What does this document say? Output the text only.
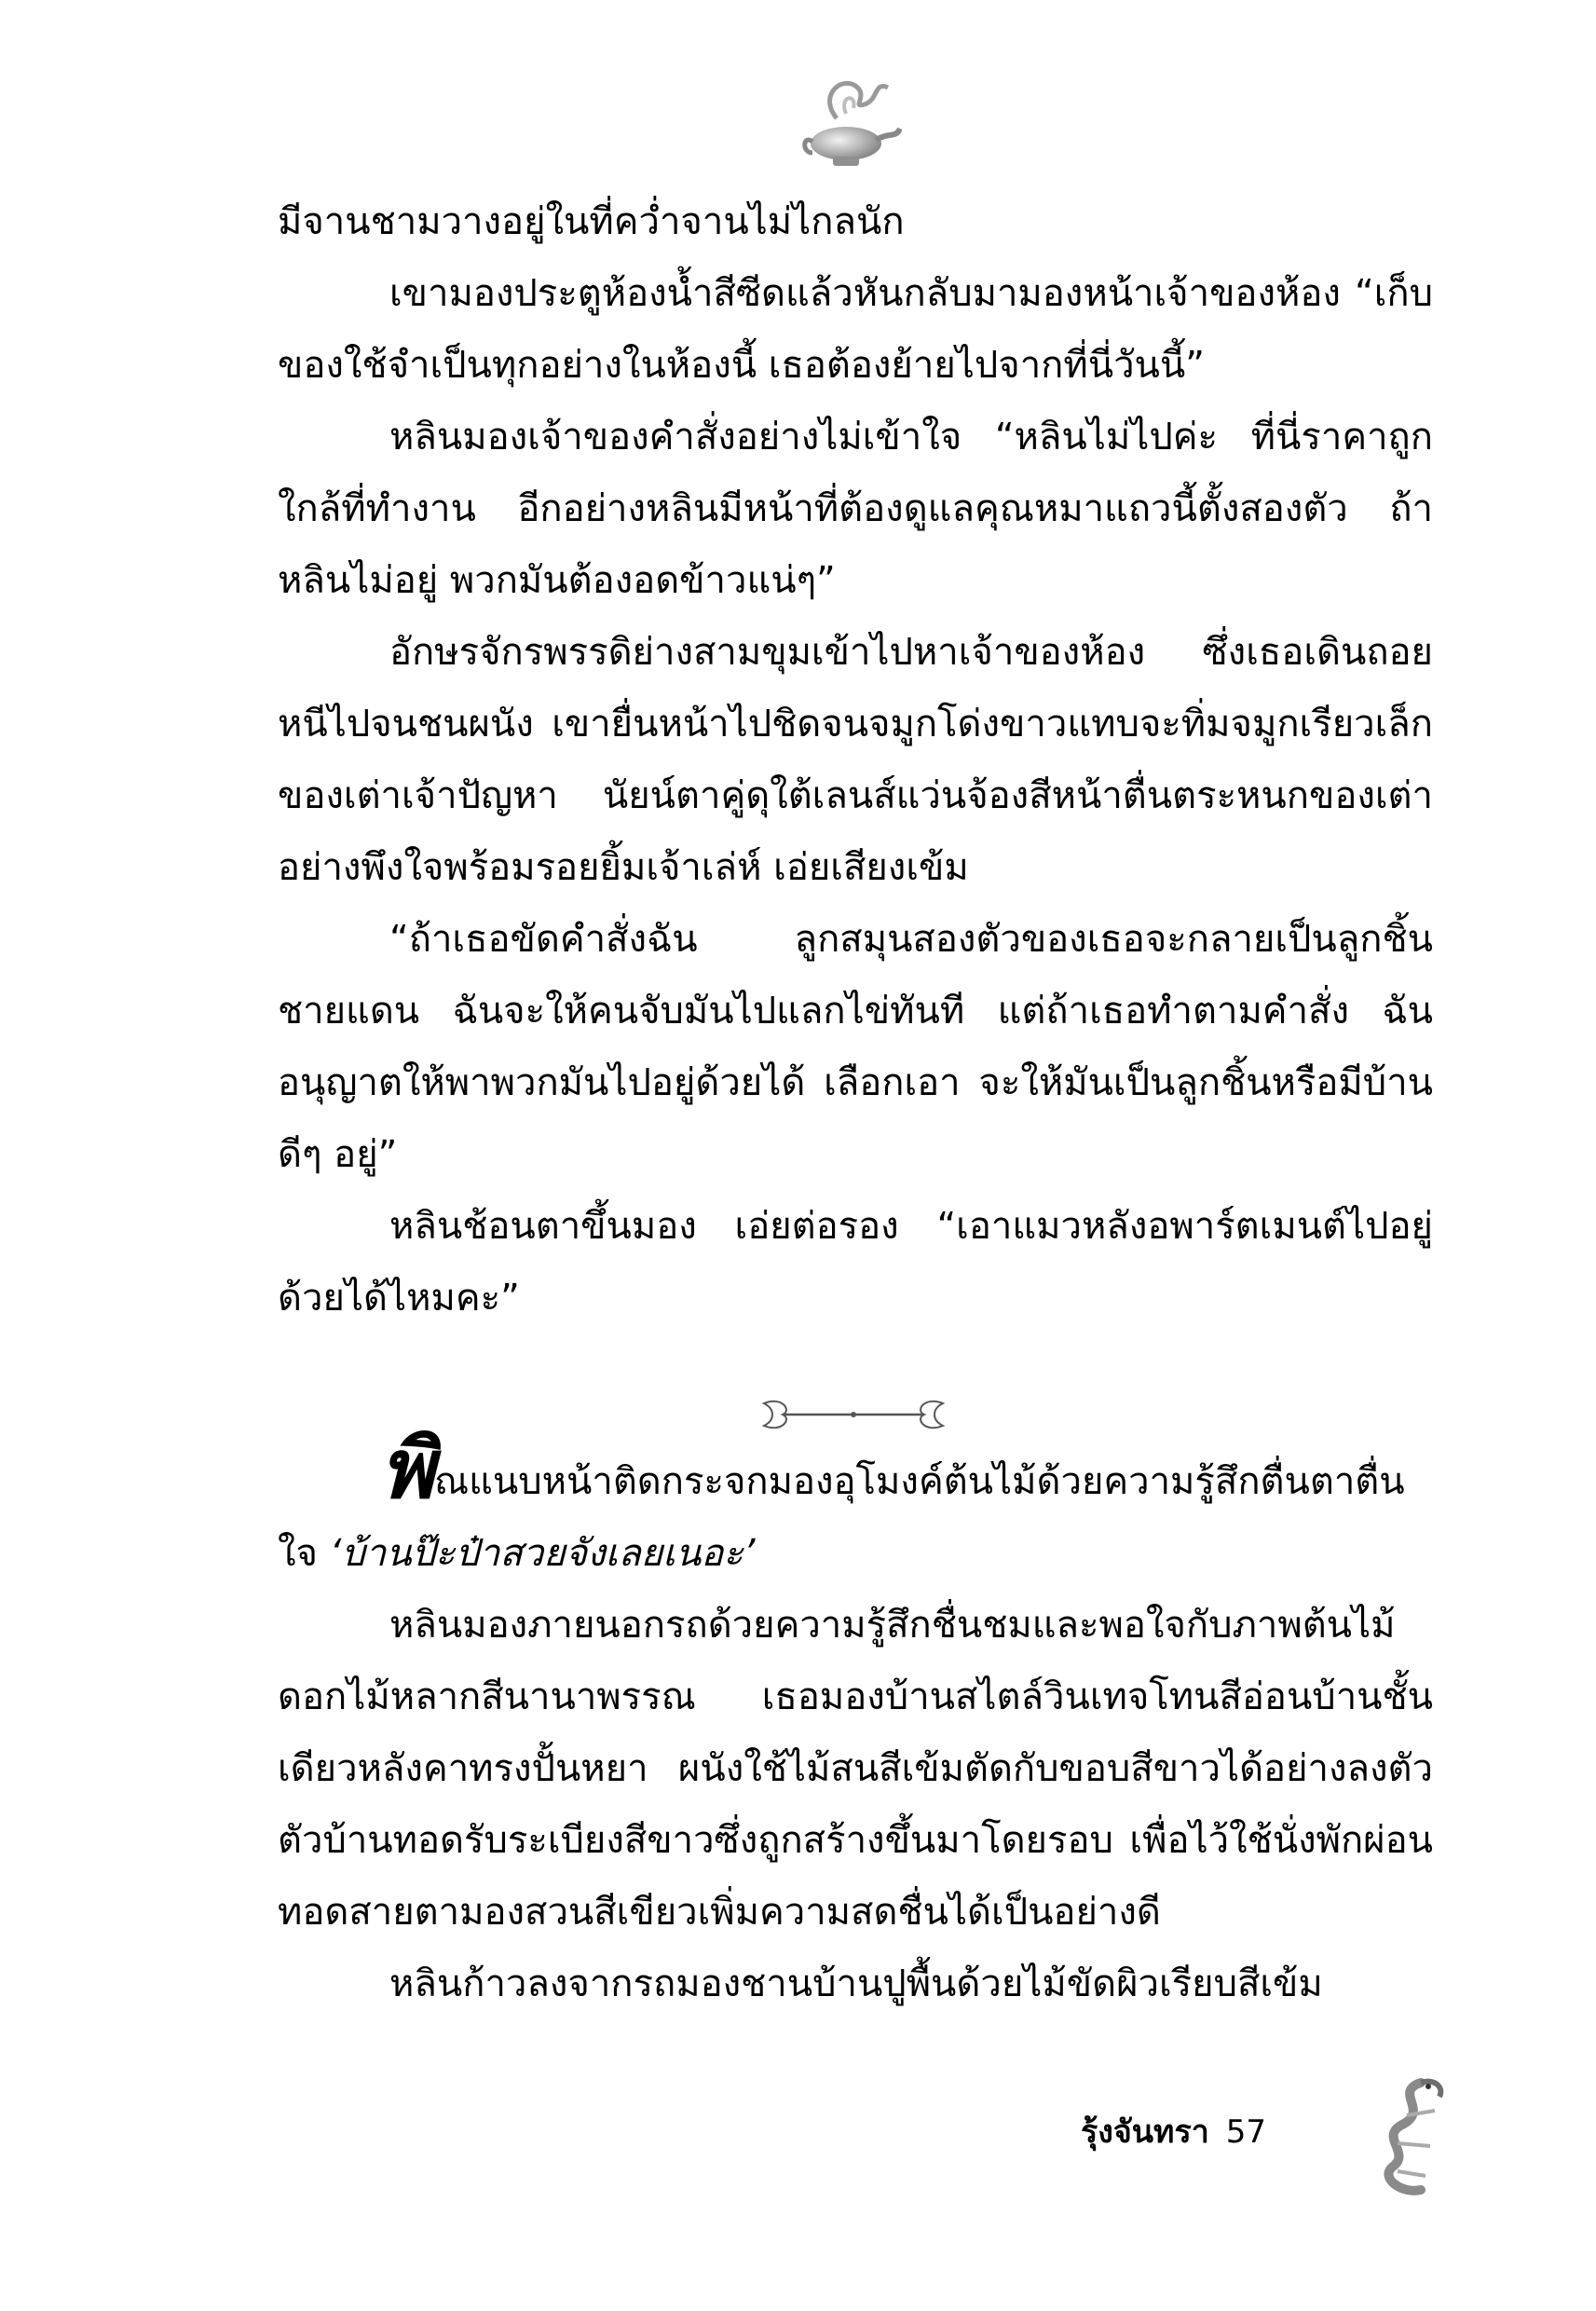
มีจานชามวางอยู่ในที่คว่ำจานไม่ไกลนัก

เขามองประตูห้องน้ำสีซีดแล้วหันกลับมามองหน้าเจ้าของห้อง “เก็บของใช้จำเป็นทุกอย่างในห้องนี้ เธอต้องย้ายไปจากที่นี่วันนี้”

หลินมองเจ้าของคำสั่งอย่างไม่เข้าใจ “หลินไม่ไปค่ะ ที่นี่ราคาถูกใกล้ที่ทำงาน อีกอย่างหลินมีหน้าที่ต้องดูแลคุณหมาแถวนี้ตั้งสองตัว ถ้าหลินไม่อยู่ พวกมันต้องอดข้าวแน่ๆ”

อักษรจักรพรรดิย่างสามขุมเข้าไปหาเจ้าของห้อง ซึ่งเธอเดินถอยหนีไปจนชนผนัง เขายื่นหน้าไปชิดจนจมูกโด่งขาวแทบจะทิ่มจมูกเรียวเล็กของเต่าเจ้าปัญหา นัยน์ตาคู่ดุใต้เลนส์แว่นจ้องสีหน้าตื่นตระหนกของเต่าอย่างพึงใจพร้อมรอยยิ้มเจ้าเล่ห์ เอ่ยเสียงเข้ม

“ถ้าเธอขัดคำสั่งฉัน ลูกสมุนสองตัวของเธอจะกลายเป็นลูกชิ้นชายแดน ฉันจะให้คนจับมันไปแลกไข่ทันที แต่ถ้าเธอทำตามคำสั่ง ฉันอนุญาตให้พาพวกมันไปอยู่ด้วยได้ เลือกเอา จะให้มันเป็นลูกชิ้นหรือมีบ้านดีๆ อยู่”

หลินช้อนตาขึ้นมอง เอ่ยต่อรอง “เอาแมวหลังอพาร์ตเมนต์ไปอยู่ด้วยได้ไหมคะ”

พิณแนบหน้าติดกระจกมองอุโมงค์ต้นไม้ด้วยความรู้สึกตื่นตาตื่นใจ ‘บ้านป๊ะป๋าสวยจังเลยเนอะ’

หลินมองภายนอกรถด้วยความรู้สึกชื่นชมและพอใจกับภาพต้นไม้ดอกไม้หลากสีนานาพรรณ เธอมองบ้านสไตล์วินเทจโทนสีอ่อนบ้านชั้นเดียวหลังคาทรงปั้นหยา ผนังใช้ไม้สนสีเข้มตัดกับขอบสีขาวได้อย่างลงตัว ตัวบ้านทอดรับระเบียงสีขาวซึ่งถูกสร้างขึ้นมาโดยรอบ เพื่อไว้ใช้นั่งพักผ่อนทอดสายตามองสวนสีเขียวเพิ่มความสดชื่นได้เป็นอย่างดี

หลินก้าวลงจากรถมองชานบ้านปูพื้นด้วยไม้ขัดผิวเรียบสีเข้ม

รุ้งจันทรา 57
